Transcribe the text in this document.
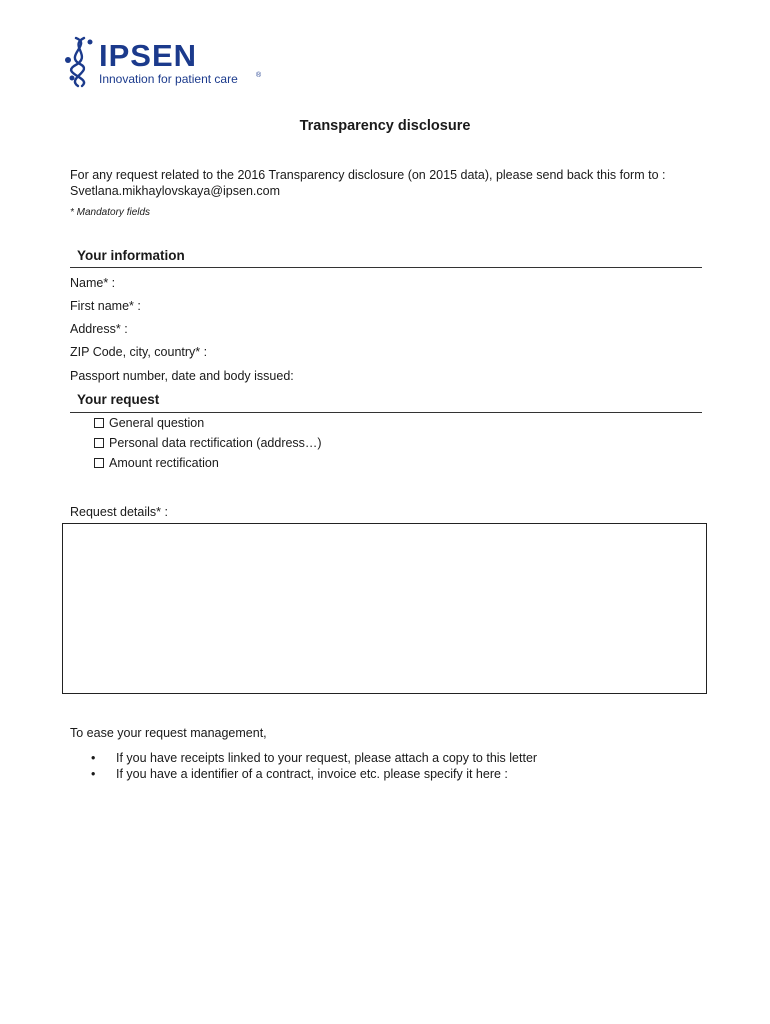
IPSEN
Innovation for patient care	®
Transparency disclosure
For any request related to the 2016 Transparency disclosure (on 2015 data), please send back this form to :
Svetlana.mikhaylovskaya@ipsen.com
* Mandatory fields
Your information
Name* :
First name* :
Address* :
ZIP Code, city, country* :
Passport number, date and body issued:
Your request
General question
Personal data rectification (address…)
Amount rectification
Request details* :
To ease your request management,
•	If you have receipts linked to your request, please attach a copy to this letter
•	If you have a identifier of a contract, invoice etc. please specify it here :
